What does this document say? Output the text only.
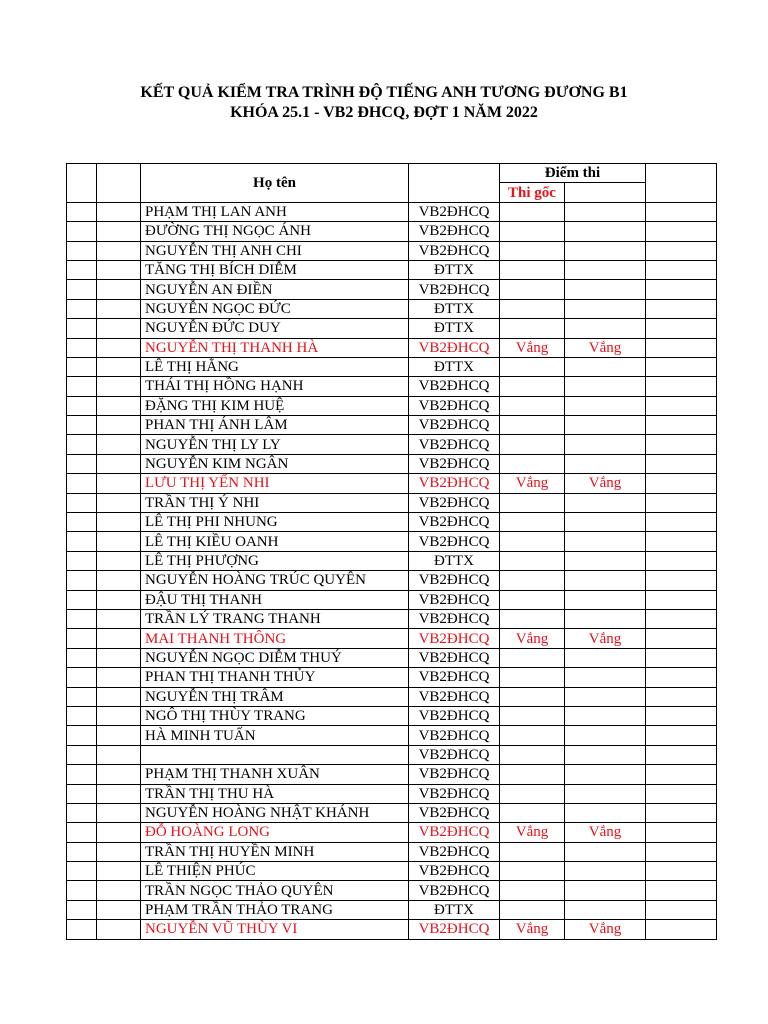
KẾT QUẢ KIỂM TRA TRÌNH ĐỘ TIẾNG ANH TƯƠNG ĐƯƠNG B1
KHÓA 25.1 - VB2 ĐHCQ, ĐỢT 1 NĂM 2022
		Họ tên		Điểm thi		
				Thi gốc		
		PHẠM THỊ LAN ANH	VB2ĐHCQ			
		ĐƯỜNG THỊ NGỌC ÁNH	VB2ĐHCQ			
		NGUYỄN THỊ ANH CHI	VB2ĐHCQ			
		TĂNG THỊ BÍCH DIỄM	ĐTTX			
		NGUYỄN AN ĐIỀN	VB2ĐHCQ			
		NGUYỄN NGỌC ĐỨC	ĐTTX			
		NGUYỄN ĐỨC DUY	ĐTTX			
		NGUYỄN THỊ THANH HÀ	VB2ĐHCQ	Vắng	Vắng	
		LÊ THỊ HẰNG	ĐTTX			
		THÁI THỊ HỒNG HẠNH	VB2ĐHCQ			
		ĐẶNG THỊ KIM HUỆ	VB2ĐHCQ			
		PHAN THỊ ÁNH LÂM	VB2ĐHCQ			
		NGUYỄN THỊ LY LY	VB2ĐHCQ			
		NGUYỄN KIM NGÂN	VB2ĐHCQ			
		LƯU THỊ YẾN NHI	VB2ĐHCQ	Vắng	Vắng	
		TRẦN THỊ Ý NHI	VB2ĐHCQ			
		LÊ THỊ PHI NHUNG	VB2ĐHCQ			
		LÊ THỊ KIỀU OANH	VB2ĐHCQ			
		LÊ THỊ PHƯỢNG	ĐTTX			
		NGUYỄN HOÀNG TRÚC QUYÊN	VB2ĐHCQ			
		ĐẬU THỊ THANH	VB2ĐHCQ			
		TRẦN LÝ TRANG THANH	VB2ĐHCQ			
		MAI THANH THÔNG	VB2ĐHCQ	Vắng	Vắng	
		NGUYỄN NGỌC DIỄM THUÝ	VB2ĐHCQ			
		PHAN THỊ THANH THỦY	VB2ĐHCQ			
		NGUYỄN THỊ TRÂM	VB2ĐHCQ			
		NGÔ THỊ THÙY TRANG	VB2ĐHCQ			
		HÀ MINH TUẤN	VB2ĐHCQ			
			VB2ĐHCQ			
		PHẠM THỊ THANH XUÂN	VB2ĐHCQ			
		TRẦN THỊ THU HÀ	VB2ĐHCQ			
		NGUYỄN HOÀNG NHẬT KHÁNH	VB2ĐHCQ			
		ĐỖ HOÀNG LONG	VB2ĐHCQ	Vắng	Vắng	
		TRẦN THỊ HUYỀN MINH	VB2ĐHCQ			
		LÊ THIỆN PHÚC	VB2ĐHCQ			
		TRẦN NGỌC THẢO QUYÊN	VB2ĐHCQ			
		PHẠM TRẦN THẢO TRANG	ĐTTX			
		NGUYỄN VŨ THÙY VI	VB2ĐHCQ	Vắng	Vắng	
